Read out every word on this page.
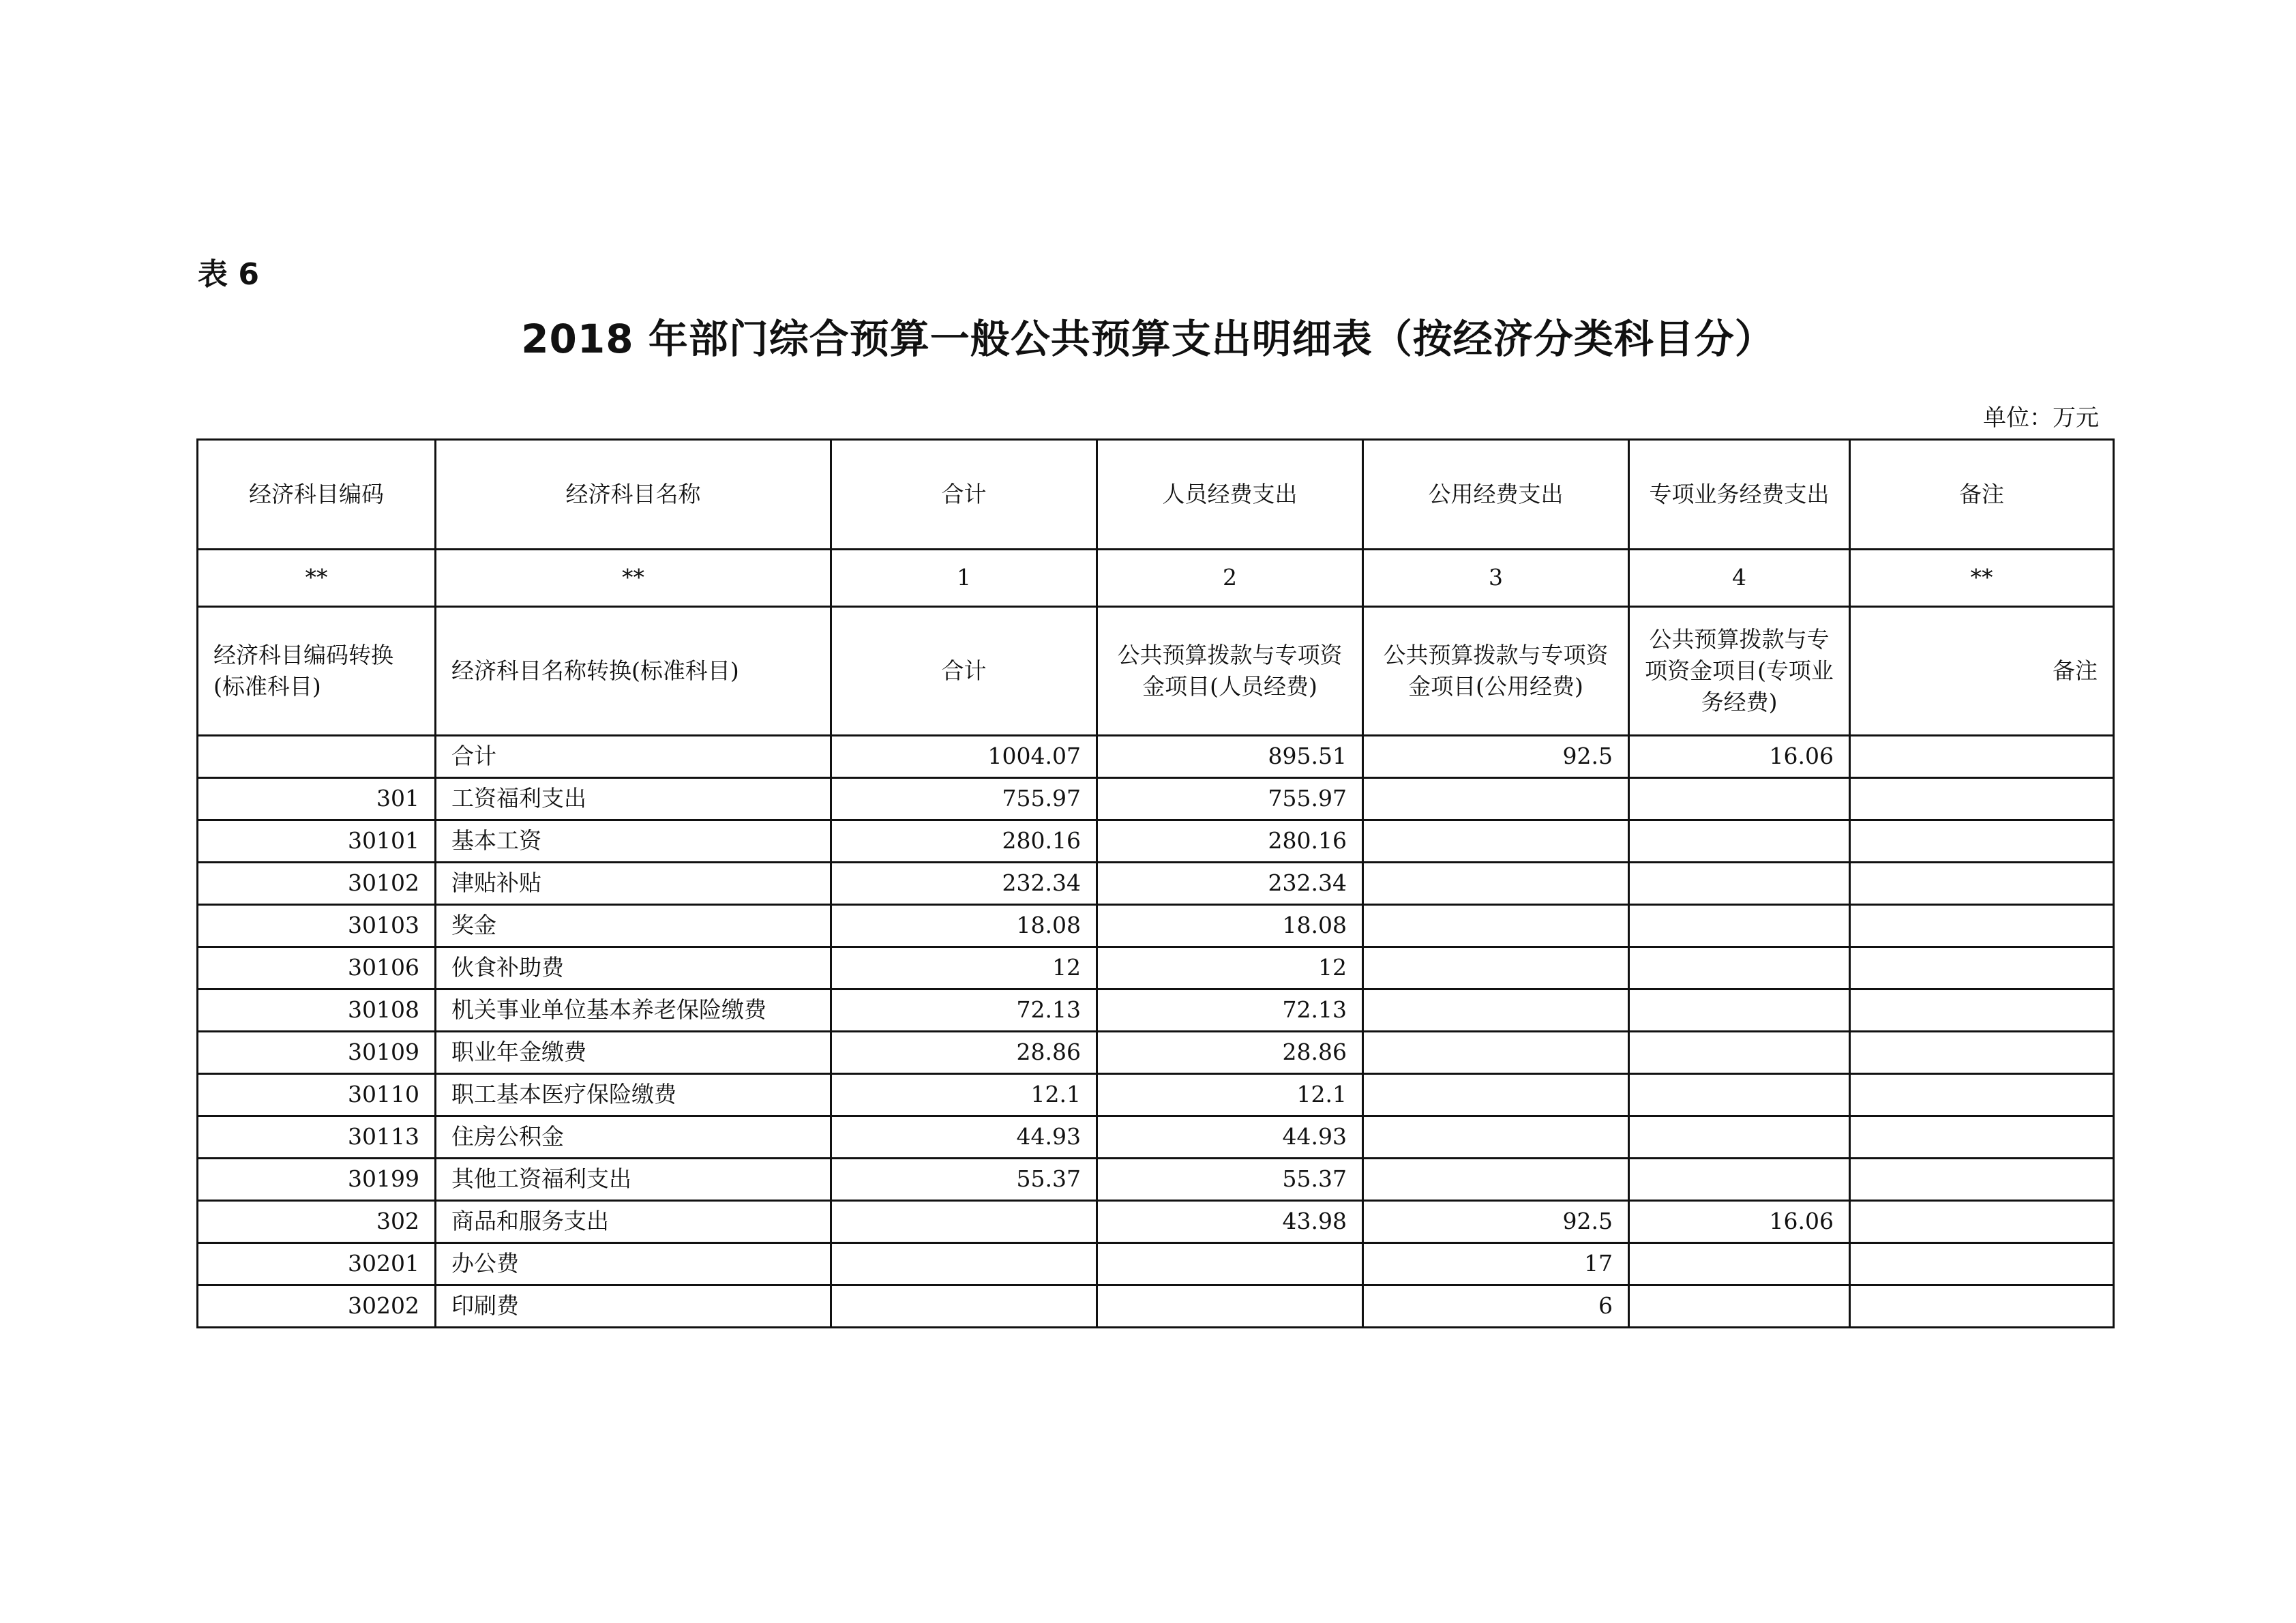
表 6

2018 年部门综合预算一般公共预算支出明细表（按经济分类科目分）

单位：万元

经济科目编码	经济科目名称	合计	人员经费支出	公用经费支出	专项业务经费支出	备注
**	**	1	2	3	4	**
经济科目编码转换(标准科目)	经济科目名称转换(标准科目)	合计	公共预算拨款与专项资金项目(人员经费)	公共预算拨款与专项资金项目(公用经费)	公共预算拨款与专项资金项目(专项业务经费)	备注
	合计	1004.07	895.51	92.5	16.06	
301	工资福利支出	755.97	755.97			
30101	基本工资	280.16	280.16			
30102	津贴补贴	232.34	232.34			
30103	奖金	18.08	18.08			
30106	伙食补助费	12	12			
30108	机关事业单位基本养老保险缴费	72.13	72.13			
30109	职业年金缴费	28.86	28.86			
30110	职工基本医疗保险缴费	12.1	12.1			
30113	住房公积金	44.93	44.93			
30199	其他工资福利支出	55.37	55.37			
302	商品和服务支出		43.98	92.5	16.06	
30201	办公费			17		
30202	印刷费			6		
